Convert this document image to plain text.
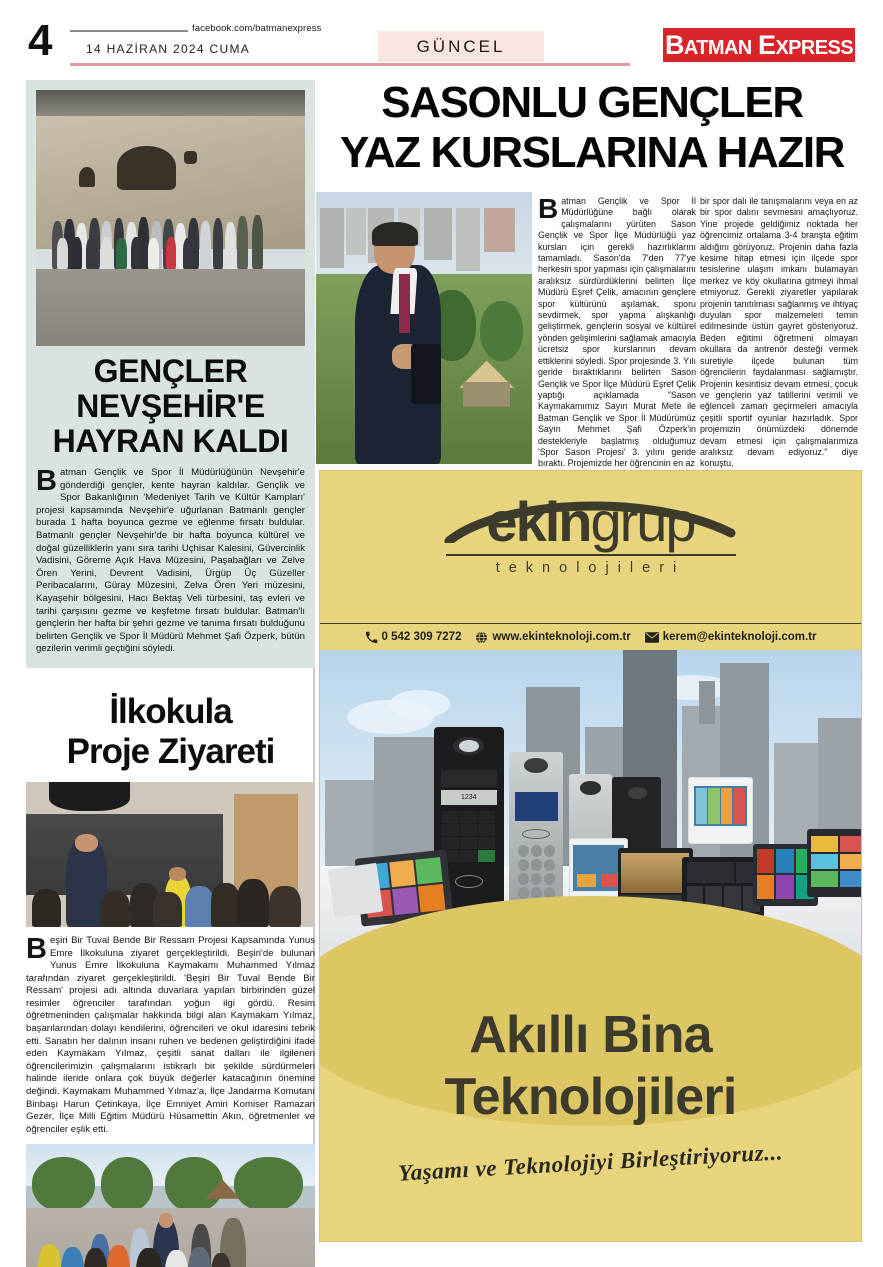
4	facebook.com/batmanexpress
14 HAZİRAN 2024 CUMA	GÜNCEL	BATMAN EXPRESS
GENÇLER
NEVŞEHİR'E
HAYRAN KALDI
Batman Gençlik ve Spor İl Müdürlüğünün Nevşehir'e gönderdiği gençler, kente hayran kaldılar. Gençlik ve Spor Bakanlığının 'Medeniyet Tarih ve Kültür Kampları' projesi kapsamında Nevşehir'e uğurlanan Batmanlı gençler burada 1 hafta boyunca gezme ve eğlenme fırsatı buldular. Batmanlı gençler Nevşehir'de bir hafta boyunca kültürel ve doğal güzelliklerin yanı sıra tarihi Uçhisar Kalesini, Güvercinlik Vadisini, Göreme Açık Hava Müzesini, Paşabağları ve Zelve Ören Yerini, Devrent Vadisini, Ürgüp Üç Güzeller Peribacalarını, Güray Müzesini, Zelva Ören Yeri müzesini, Kayaşehir bölgesini, Hacı Bektaş Veli türbesini, taş evleri ve tarihi çarşısını gezme ve keşfetme fırsatı buldular. Batman'lı gençlerin her hafta bir şehri gezme ve tanıma fırsatı bulduğunu belirten Gençlik ve Spor İl Müdürü Mehmet Şafi Özperk, bütün gezilerin verimli geçtiğini söyledi.
İlkokula
Proje Ziyareti
Beşiri Bir Tuval Bende Bir Ressam Projesi Kapsamında Yunus Emre İlkokuluna ziyaret gerçekleştirildi. Beşiri'de bulunan Yunus Emre İlkokuluna Kaymakamı Muhammed Yılmaz tarafından ziyaret gerçekleştirildi. 'Beşiri Bir Tuval Bende Bir Ressam' projesi adı altında duvarlara yapılan birbirinden güzel resimler öğrenciler tarafından yoğun ilgi gördü. Resim öğretmeninden çalışmalar hakkında bilgi alan Kaymakam Yılmaz, başarılarından dolayı kendilerini, öğrencileri ve okul idaresini tebrik etti. Sanatın her dalının insanı ruhen ve bedenen geliştirdiğini ifade eden Kaymakam Yılmaz, çeşitli sanat dalları ile ilgilenen öğrencilerimizin çalışmalarını istikrarlı bir şekilde sürdürmeleri halinde ileride onlara çok büyük değerler katacağının önemine değindi. Kaymakam Muhammed Yılmaz'a, İlçe Jandarma Komutanı Binbaşı Harun Çetinkaya, İlçe Emniyet Amiri Komiser Ramazan Gezer, İlçe Milli Eğitim Müdürü Hüsamettin Akın, öğretmenler ve öğrenciler eşlik etti.
SASONLU GENÇLER
YAZ KURSLARINA HAZIR
Batman Gençlik ve Spor İl Müdürlüğüne bağlı olarak çalışmalarını yürüten Sason Gençlik ve Spor İlçe Müdürlüğü yaz kursları için gerekli hazırlıklarını tamamladı. Sason'da 7'den 77'ye herkesin spor yapması için çalışmalarını aralıksız sürdürdüklerini belirten İlçe Müdürü Eşref Çelik, amacının gençlere spor kültürünü aşılamak, sporu sevdirmek, spor yapma alışkanlığı geliştirmek, gençlerin sosyal ve kültürel yönden gelişimlerini sağlamak amacıyla ücretsiz spor kurslarının devam ettiklerini söyledi. Spor projesinde 3. Yılı geride bıraktıklarını belirten Sason Gençlik ve Spor İlçe Müdürü Eşref Çelik yaptığı açıklamada "Sason Kaymakamımız Sayın Murat Mete ile Batman Gençlik ve Spor İl Müdürümüz Sayın Mehmet Şafi Özperk'in destekleriyle başlatmış olduğumuz 'Spor Sason Projesi' 3. yılını geride bıraktı. Projemizde her öğrencinin en az
bir spor dalı ile tanışmalarını veya en az bir spor dalını sevmesini amaçlıyoruz. Yine projede geldiğimiz noktada her öğrencimiz ortalama 3-4 branşta eğitim aldığını görüyoruz. Projenin daha fazla kesime hitap etmesi için ilçede spor tesislerine ulaşım imkanı bulamayan merkez ve köy okullarına gitmeyi ihmal etmiyoruz. Gerekli ziyaretler yapılarak projenin tanıtılması sağlanmış ve ihtiyaç duyulan spor malzemeleri temin edilmesinde üstün gayret gösteriyoruz. Beden eğitimi öğretmeni olmayan okullara da antrenör desteği vermek suretiyle ilçede bulunan tüm öğrencilerin faydalanması sağlamıştır. Projenin kesintisiz devam etmesi, çocuk ve gençlerin yaz tatillerini verimli ve eğlenceli zaman geçirmeleri amacıyla çeşitli sportif oyunlar hazırladık. Spor projemizin önümüzdeki dönemde devam etmesi için çalışmalarımıza aralıksız devam ediyoruz." diye konuştu.
ekingrup
teknolojileri
0 542 309 7272	www.ekinteknoloji.com.tr	kerem@ekinteknoloji.com.tr
1234
Akıllı Bina
Teknolojileri
Yaşamı ve Teknolojiyi Birleştiriyoruz...
